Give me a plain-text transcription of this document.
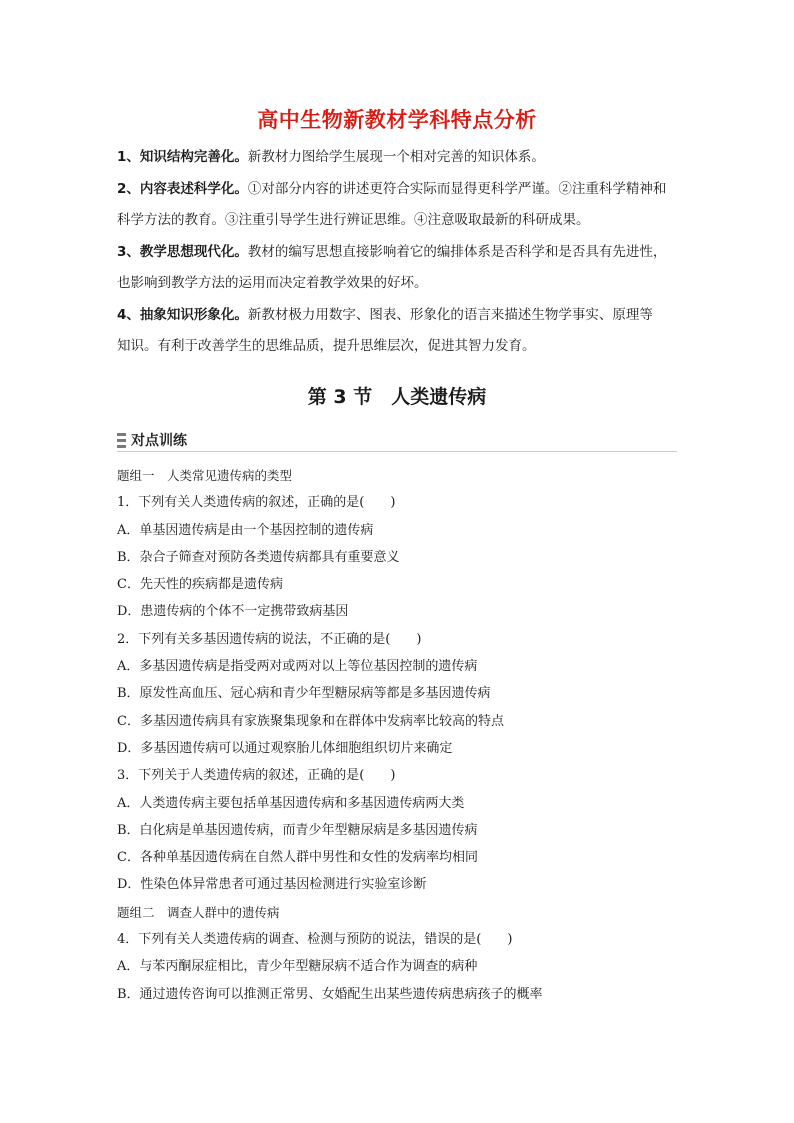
高中生物新教材学科特点分析

1、知识结构完善化。新教材力图给学生展现一个相对完善的知识体系。

2、内容表述科学化。①对部分内容的讲述更符合实际而显得更科学严谨。②注重科学精神和
科学方法的教育。③注重引导学生进行辨证思维。④注意吸取最新的科研成果。

3、教学思想现代化。教材的编写思想直接影响着它的编排体系是否科学和是否具有先进性，
也影响到教学方法的运用而决定着教学效果的好坏。

4、抽象知识形象化。新教材极力用数字、图表、形象化的语言来描述生物学事实、原理等
知识。有利于改善学生的思维品质，提升思维层次，促进其智力发育。

第 3 节　人类遗传病
对点训练
题组一　人类常见遗传病的类型
1．下列有关人类遗传病的叙述，正确的是(　　)
A．单基因遗传病是由一个基因控制的遗传病
B．杂合子筛查对预防各类遗传病都具有重要意义
C．先天性的疾病都是遗传病
D．患遗传病的个体不一定携带致病基因
2．下列有关多基因遗传病的说法，不正确的是(　　)
A．多基因遗传病是指受两对或两对以上等位基因控制的遗传病
B．原发性高血压、冠心病和青少年型糖尿病等都是多基因遗传病
C．多基因遗传病具有家族聚集现象和在群体中发病率比较高的特点
D．多基因遗传病可以通过观察胎儿体细胞组织切片来确定
3．下列关于人类遗传病的叙述，正确的是(　　)
A．人类遗传病主要包括单基因遗传病和多基因遗传病两大类
B．白化病是单基因遗传病，而青少年型糖尿病是多基因遗传病
C．各种单基因遗传病在自然人群中男性和女性的发病率均相同
D．性染色体异常患者可通过基因检测进行实验室诊断
题组二　调查人群中的遗传病
4．下列有关人类遗传病的调查、检测与预防的说法，错误的是(　　)
A．与苯丙酮尿症相比，青少年型糖尿病不适合作为调查的病种
B．通过遗传咨询可以推测正常男、女婚配生出某些遗传病患病孩子的概率
